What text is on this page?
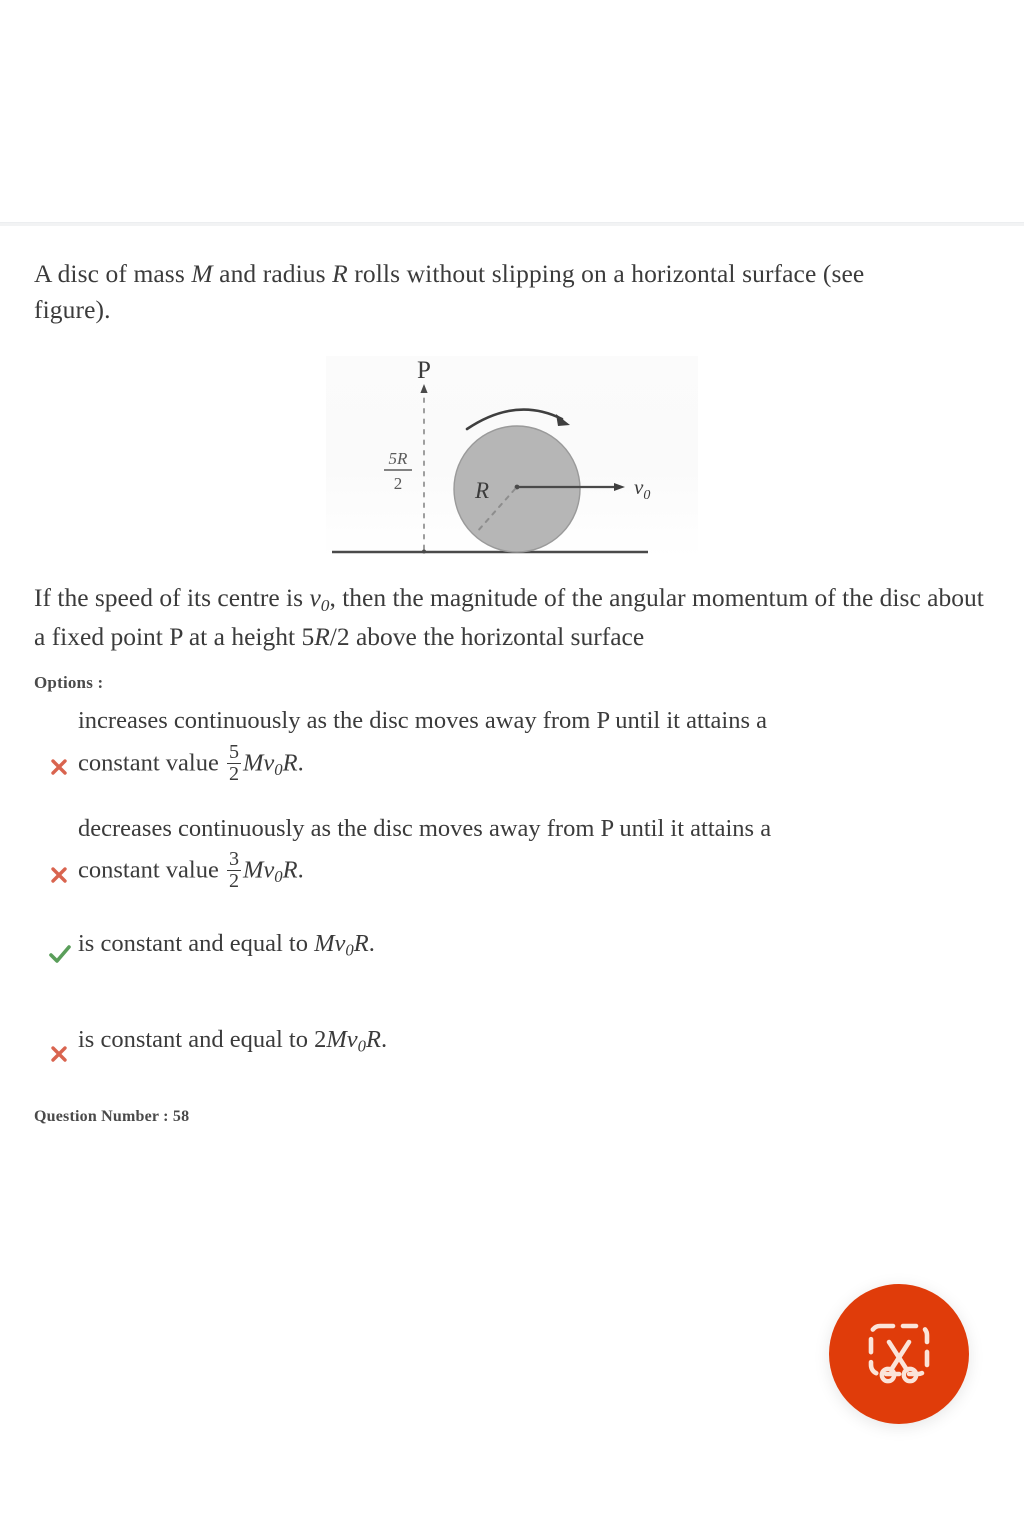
A disc of mass M and radius R rolls without slipping on a horizontal surface (see
figure).
P
5R
2	$v_0$
R
If the speed of its centre is $v_0$, then the magnitude of the angular momentum of the disc about a fixed point P at a height 5R/2 above the horizontal surface
Options :
increases continuously as the disc moves away from P until it attains a
constant value $\frac{5}{2} Mv_0R$.
decreases continuously as the disc moves away from P until it attains a
constant value $\frac{3}{2} Mv_0R$.
is constant and equal to $Mv_0R$.
is constant and equal to $2Mv_0R$.
Question Number : 58
